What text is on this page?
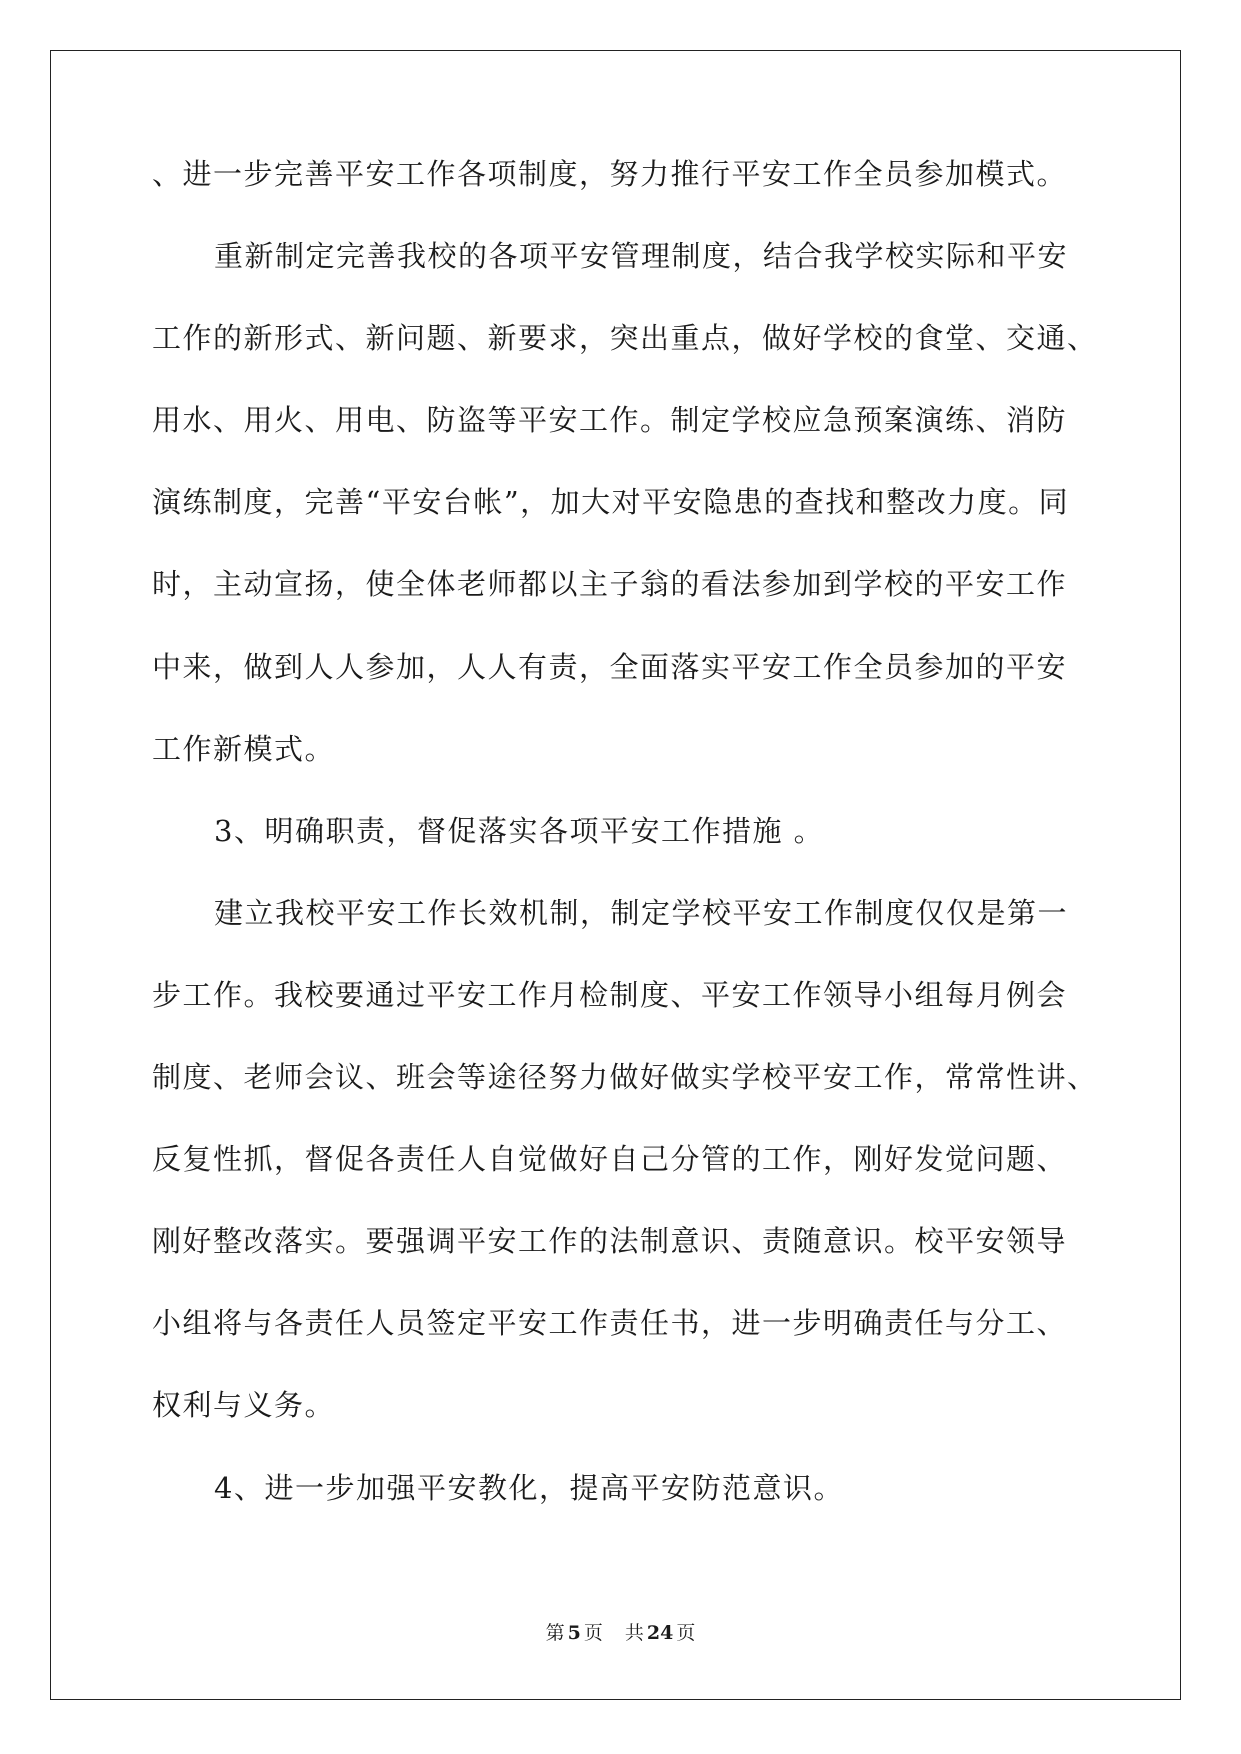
、进一步完善平安工作各项制度，努力推行平安工作全员参加模式。
重新制定完善我校的各项平安管理制度，结合我学校实际和平安
工作的新形式、新问题、新要求，突出重点，做好学校的食堂、交通、
用水、用火、用电、防盗等平安工作。制定学校应急预案演练、消防
演练制度，完善“平安台帐”，加大对平安隐患的查找和整改力度。同
时，主动宣扬，使全体老师都以主子翁的看法参加到学校的平安工作
中来，做到人人参加，人人有责，全面落实平安工作全员参加的平安
工作新模式。
3、明确职责，督促落实各项平安工作措施 。
建立我校平安工作长效机制，制定学校平安工作制度仅仅是第一
步工作。我校要通过平安工作月检制度、平安工作领导小组每月例会
制度、老师会议、班会等途径努力做好做实学校平安工作，常常性讲、
反复性抓，督促各责任人自觉做好自己分管的工作，刚好发觉问题、
刚好整改落实。要强调平安工作的法制意识、责随意识。校平安领导
小组将与各责任人员签定平安工作责任书，进一步明确责任与分工、
权利与义务。
4、进一步加强平安教化，提高平安防范意识。
第 5 页 共 24 页
